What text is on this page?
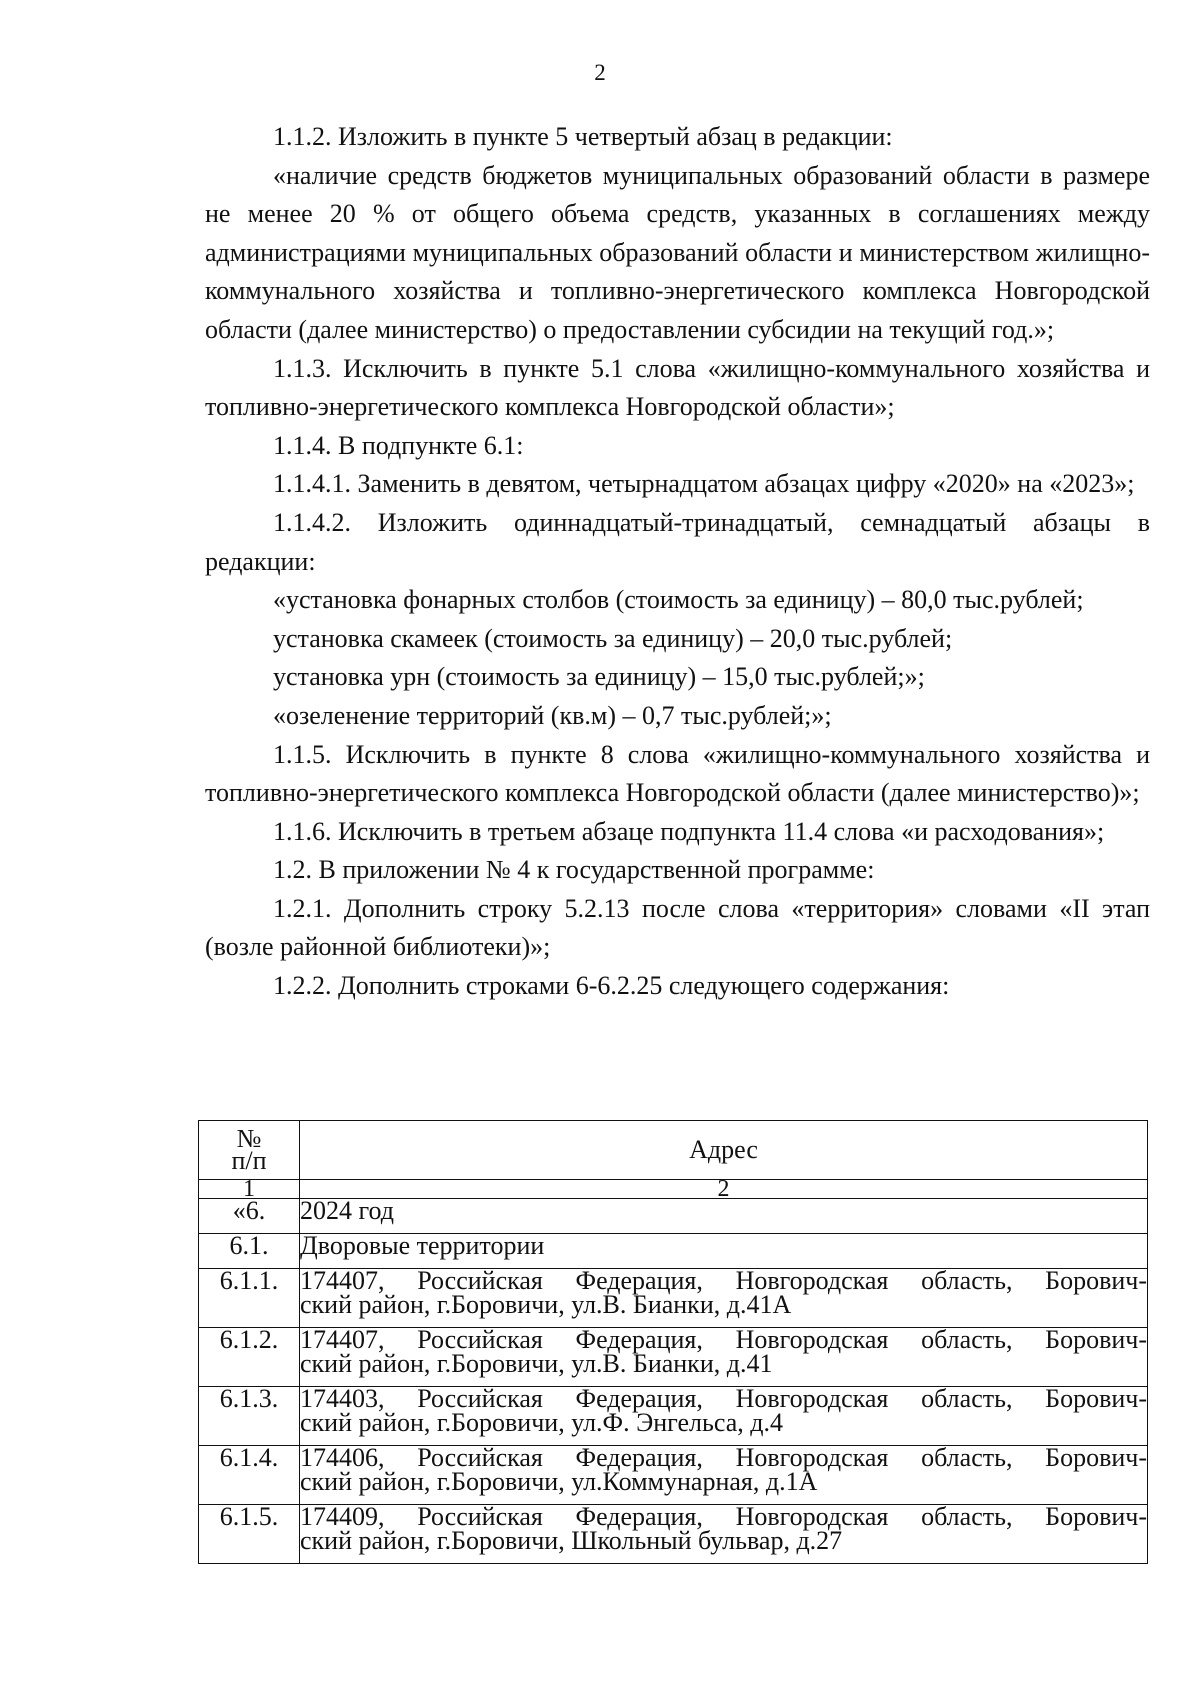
2

1.1.2. Изложить в пункте 5 четвертый абзац в редакции:

«наличие средств бюджетов муниципальных образований области в размере не менее 20 % от общего объема средств, указанных в соглашениях между администрациями муниципальных образований области и министерством жилищно-коммунального хозяйства и топливно-энергетического комплекса Новгородской области (далее министерство) о предоставлении субсидии на текущий год.»;

1.1.3. Исключить в пункте 5.1 слова «жилищно-коммунального хозяйства и топливно-энергетического комплекса Новгородской области»;

1.1.4. В подпункте 6.1:

1.1.4.1. Заменить в девятом, четырнадцатом абзацах цифру «2020» на «2023»;

1.1.4.2. Изложить одиннадцатый-тринадцатый, семнадцатый абзацы в редакции:

«установка фонарных столбов (стоимость за единицу) – 80,0 тыс.рублей;

установка скамеек (стоимость за единицу) – 20,0 тыс.рублей;

установка урн (стоимость за единицу) – 15,0 тыс.рублей;»;

«озеленение территорий (кв.м) – 0,7 тыс.рублей;»;

1.1.5. Исключить в пункте 8 слова «жилищно-коммунального хозяйства и топливно-энергетического комплекса Новгородской области (далее министерство)»;

1.1.6. Исключить в третьем абзаце подпункта 11.4 слова «и расходования»;

1.2. В приложении № 4 к государственной программе:

1.2.1. Дополнить строку 5.2.13 после слова «территория» словами «II этап (возле районной библиотеки)»;

1.2.2. Дополнить строками 6-6.2.25 следующего содержания:

№
п/п	Адрес
1	2
«6.	2024 год
6.1.	Дворовые территории
6.1.1.	174407, Российская Федерация, Новгородская область, Борович-
ский район, г.Боровичи, ул.В. Бианки, д.41А

6.1.2.	174407, Российская Федерация, Новгородская область, Борович-
ский район, г.Боровичи, ул.В. Бианки, д.41

6.1.3.	174403, Российская Федерация, Новгородская область, Борович-
ский район, г.Боровичи, ул.Ф. Энгельса, д.4

6.1.4.	174406, Российская Федерация, Новгородская область, Борович-
ский район, г.Боровичи, ул.Коммунарная, д.1А

6.1.5.	174409, Российская Федерация, Новгородская область, Борович-
ский район, г.Боровичи, Школьный бульвар, д.27
